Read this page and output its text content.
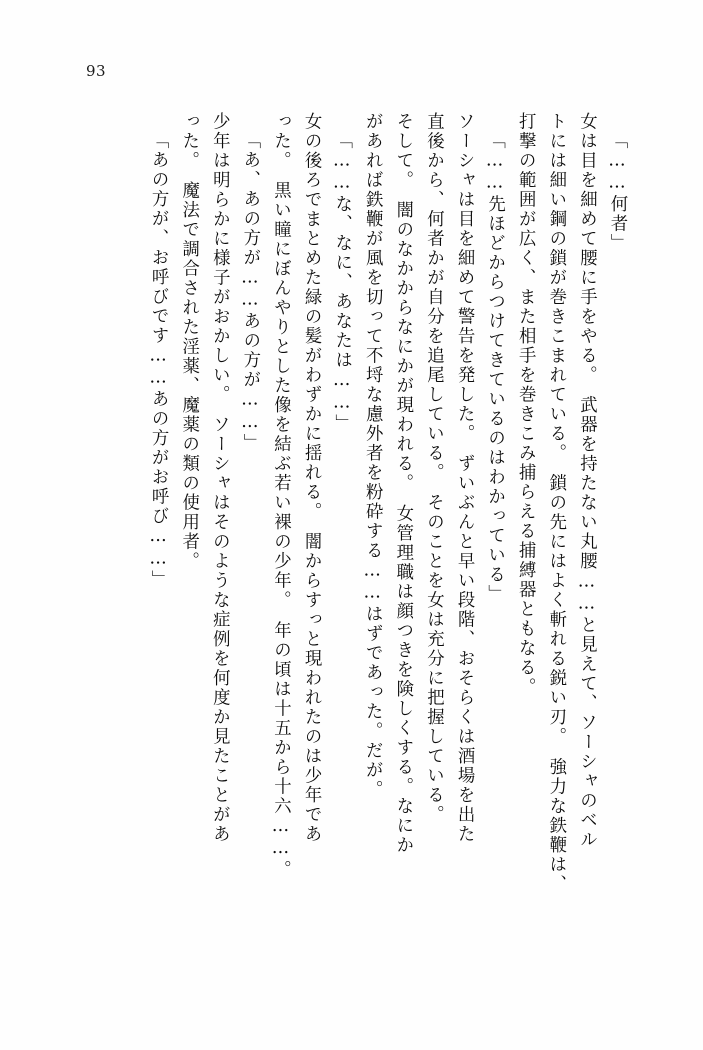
93
「……何者」
女は目を細めて腰に手をやる。　武器を持たない丸腰……と見えて、ソーシャのベル
トには細い鋼の鎖が巻きこまれている。　鎖の先にはよく斬れる鋭い刃。　強力な鉄鞭は、
打撃の範囲が広く、また相手を巻きこみ捕らえる捕縛器ともなる。
「……先ほどからつけてきているのはわかっている」
ソーシャは目を細めて警告を発した。　ずいぶんと早い段階、おそらくは酒場を出た
直後から、何者かが自分を追尾している。　そのことを女は充分に把握している。
そして。　闇のなかからなにかが現われる。　女管理職は顔つきを険しくする。なにか
があれば鉄鞭が風を切って不埒な慮外者を粉砕する……はずであった。だが。
「……な、なに、あなたは……」
女の後ろでまとめた緑の髪がわずかに揺れる。　闇からすっと現われたのは少年であ
った。　黒い瞳にぼんやりとした像を結ぶ若い裸の少年。　年の頃は十五から十六……。
「あ、あの方が……あの方が……」
少年は明らかに様子がおかしい。　ソーシャはそのような症例を何度か見たことがあ
った。　魔法で調合された淫薬、魔薬の類の使用者。
「あの方が、お呼びです……あの方がお呼び……」
